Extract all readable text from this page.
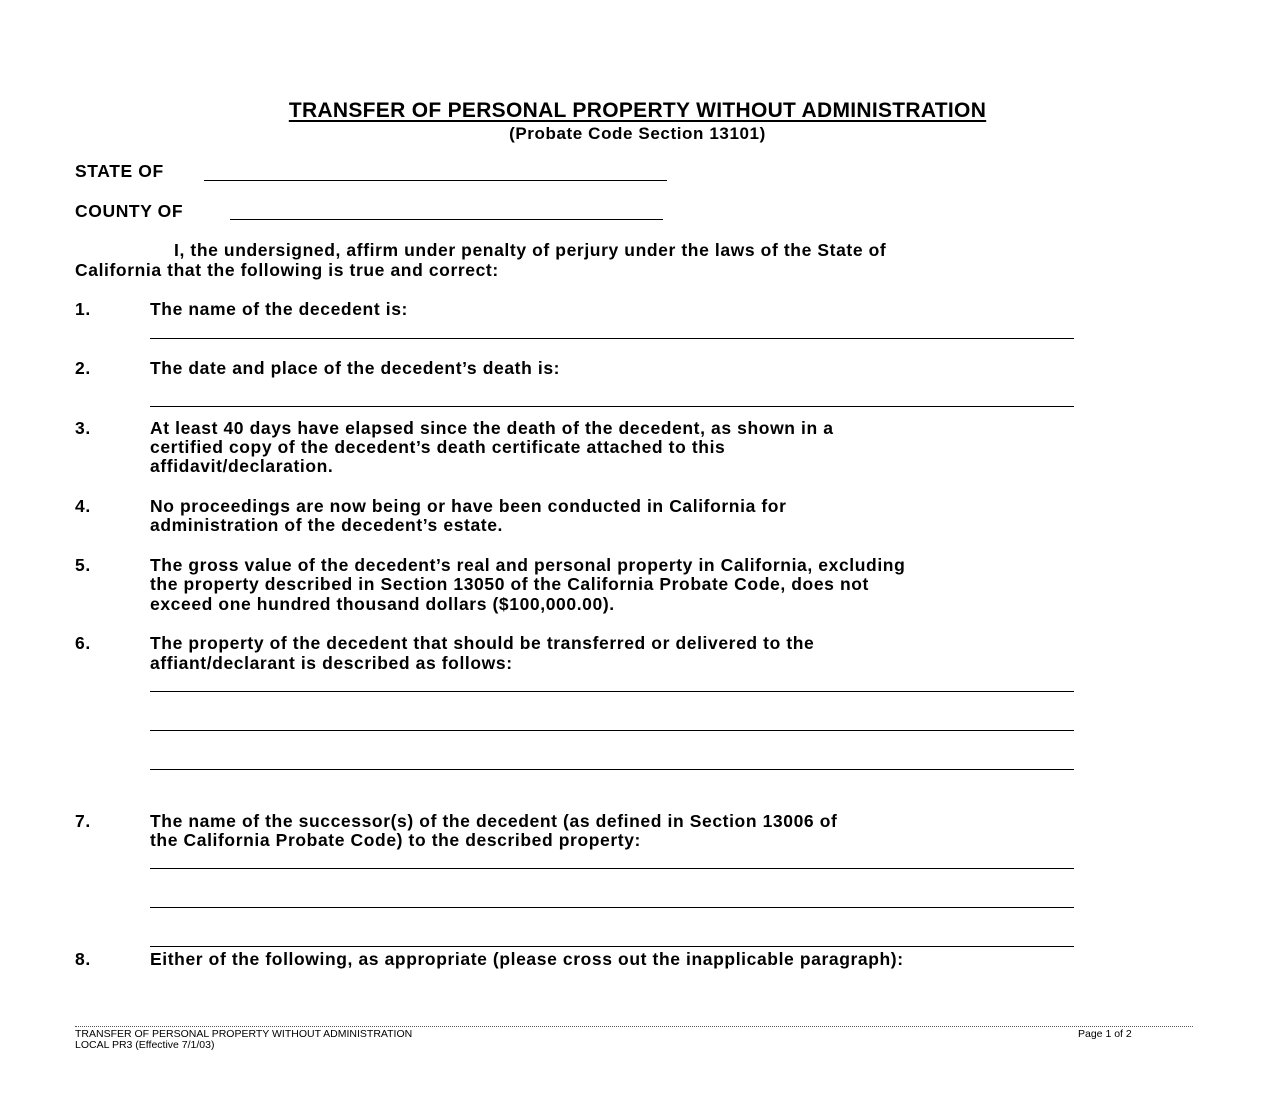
TRANSFER OF PERSONAL PROPERTY WITHOUT ADMINISTRATION
(Probate Code Section 13101)
STATE OF
COUNTY OF
I, the undersigned, affirm under penalty of perjury under the laws of the State of
California that the following is true and correct:
1.	The name of the decedent is:
2.	The date and place of the decedent’s death is:
3.	At least 40 days have elapsed since the death of the decedent, as shown in a
certified copy of the decedent’s death certificate attached to this
affidavit/declaration.
4.	No proceedings are now being or have been conducted in California for
administration of the decedent’s estate.
5.	The gross value of the decedent’s real and personal property in California, excluding
the property described in Section 13050 of the California Probate Code, does not
exceed one hundred thousand dollars ($100,000.00).
6.	The property of the decedent that should be transferred or delivered to the
affiant/declarant is described as follows:
7.	The name of the successor(s) of the decedent (as defined in Section 13006 of
the California Probate Code) to the described property:
8.	Either of the following, as appropriate (please cross out the inapplicable paragraph):
TRANSFER OF PERSONAL PROPERTY WITHOUT ADMINISTRATION
LOCAL PR3 (Effective 7/1/03)
Page 1 of 2
